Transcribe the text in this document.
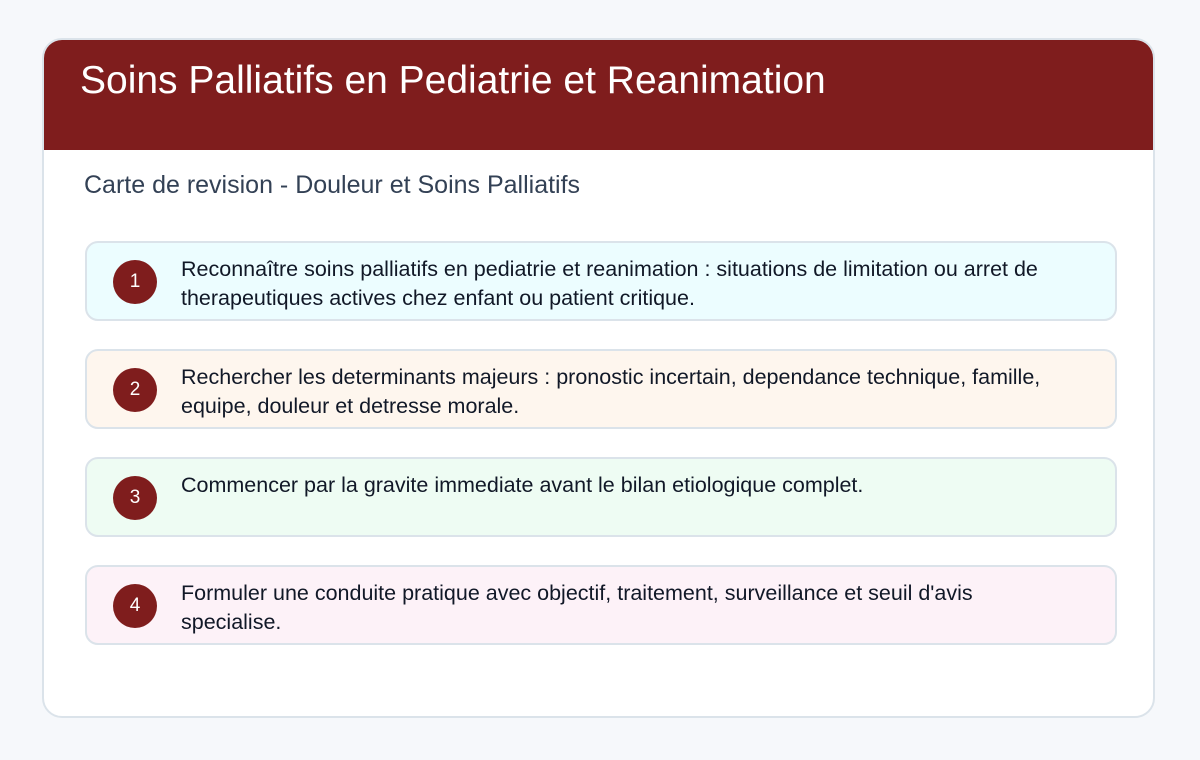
Soins Palliatifs en Pediatrie et Reanimation
Carte de revision - Douleur et Soins Palliatifs
1
Reconnaître soins palliatifs en pediatrie et reanimation : situations de limitation ou arret de therapeutiques actives chez enfant ou patient critique.
2
Rechercher les determinants majeurs : pronostic incertain, dependance technique, famille, equipe, douleur et detresse morale.
3
Commencer par la gravite immediate avant le bilan etiologique complet.
4
Formuler une conduite pratique avec objectif, traitement, surveillance et seuil d'avis specialise.
